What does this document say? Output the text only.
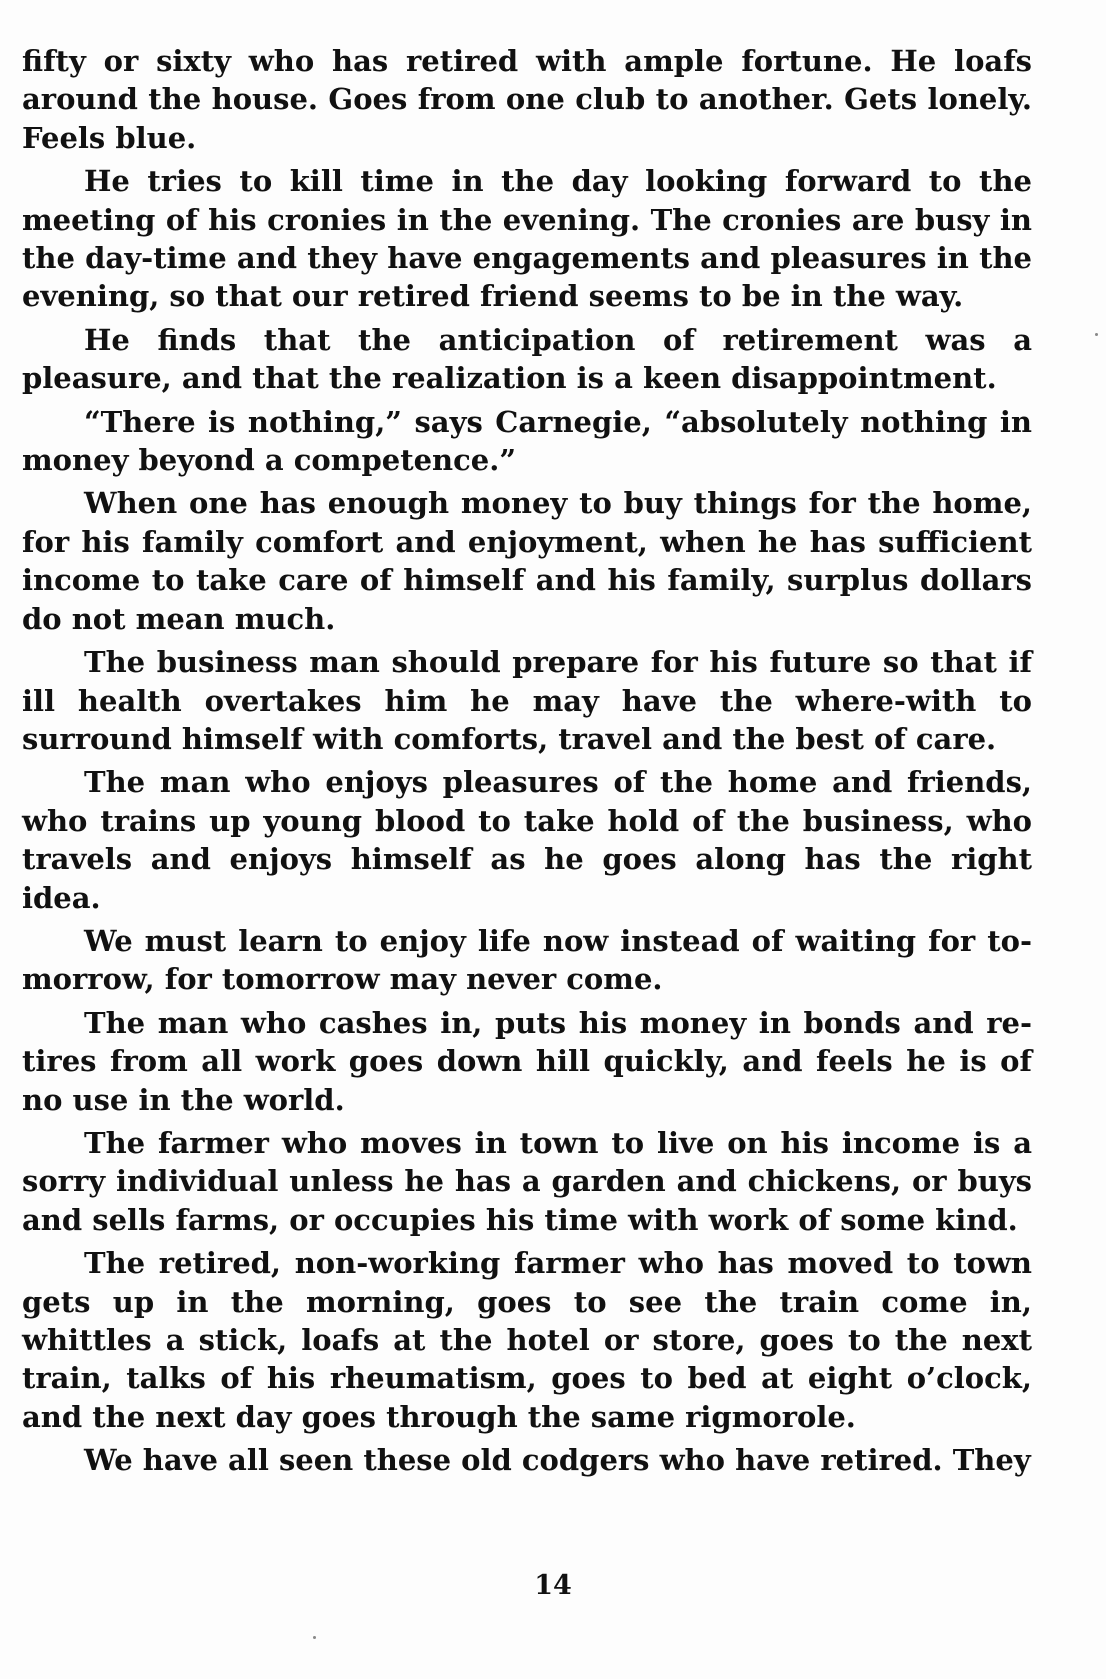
fifty or sixty who has retired with ample fortune. He loafs around the house. Goes from one club to another. Gets lonely. Feels blue.

He tries to kill time in the day looking forward to the meeting of his cronies in the evening. The cronies are busy in the day-time and they have engagements and pleasures in the evening, so that our retired friend seems to be in the way.

He finds that the anticipation of retirement was a pleasure, and that the realization is a keen disappointment.

“There is nothing,” says Carnegie, “absolutely nothing in money beyond a competence.”

When one has enough money to buy things for the home, for his family comfort and enjoyment, when he has sufficient income to take care of himself and his family, surplus dollars do not mean much.

The business man should prepare for his future so that if ill health overtakes him he may have the where-with to surround himself with comforts, travel and the best of care.

The man who enjoys pleasures of the home and friends, who trains up young blood to take hold of the business, who travels and enjoys himself as he goes along has the right idea.

We must learn to enjoy life now instead of waiting for to-morrow, for tomorrow may never come.

The man who cashes in, puts his money in bonds and re-tires from all work goes down hill quickly, and feels he is of no use in the world.

The farmer who moves in town to live on his income is a sorry individual unless he has a garden and chickens, or buys and sells farms, or occupies his time with work of some kind.

The retired, non-working farmer who has moved to town gets up in the morning, goes to see the train come in, whittles a stick, loafs at the hotel or store, goes to the next train, talks of his rheumatism, goes to bed at eight o’clock, and the next day goes through the same rigmorole.

We have all seen these old codgers who have retired. They

14
